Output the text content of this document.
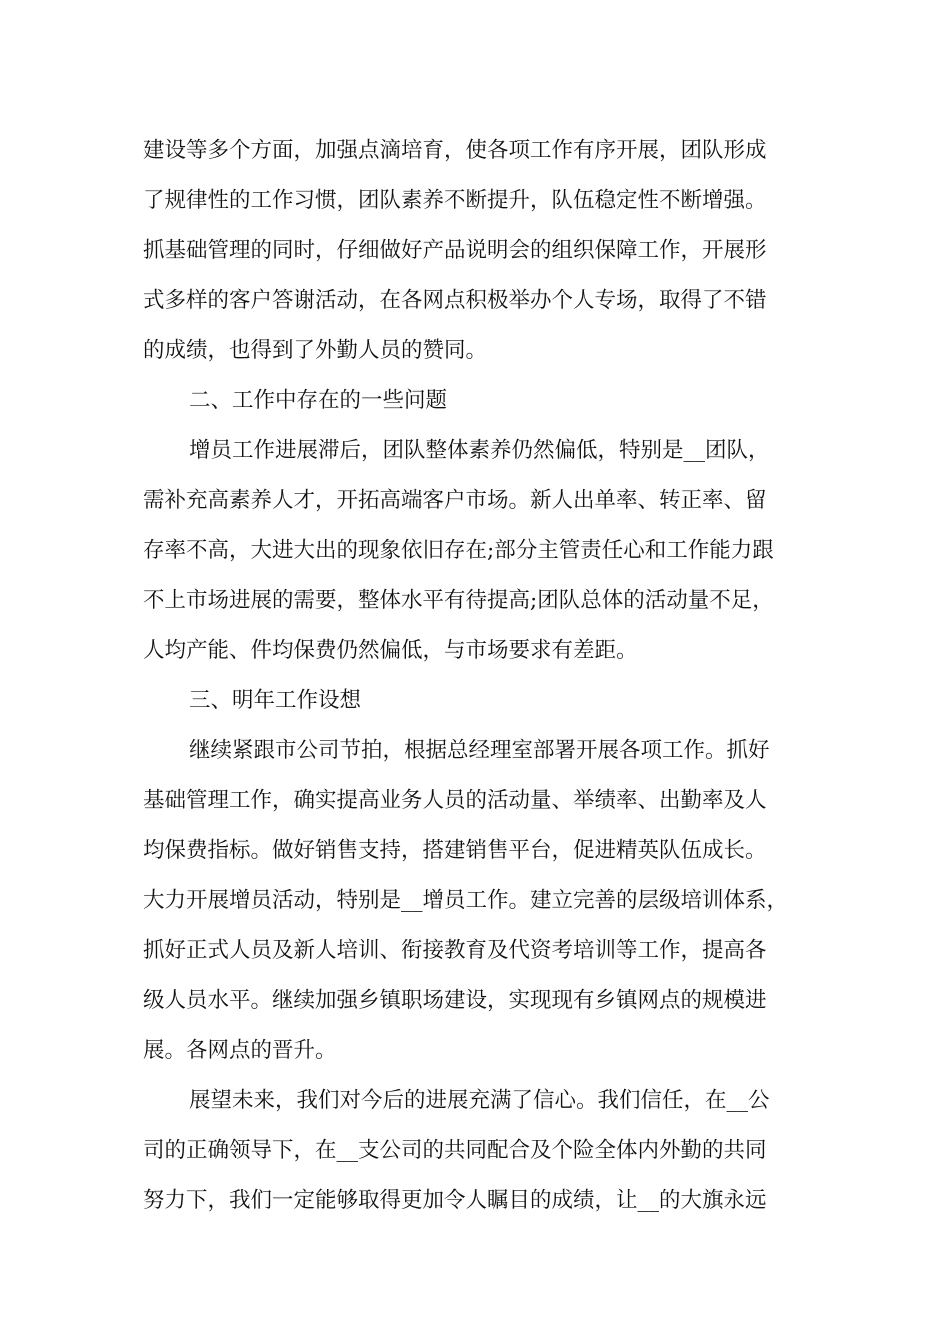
建设等多个方面，加强点滴培育，使各项工作有序开展，团队形成
了规律性的工作习惯，团队素养不断提升，队伍稳定性不断增强。
抓基础管理的同时，仔细做好产品说明会的组织保障工作，开展形
式多样的客户答谢活动，在各网点积极举办个人专场，取得了不错
的成绩，也得到了外勤人员的赞同。
二、工作中存在的一些问题
增员工作进展滞后，团队整体素养仍然偏低，特别是__团队，
需补充高素养人才，开拓高端客户市场。新人出单率、转正率、留
存率不高，大进大出的现象依旧存在;部分主管责任心和工作能力跟
不上市场进展的需要，整体水平有待提高;团队总体的活动量不足，
人均产能、件均保费仍然偏低，与市场要求有差距。
三、明年工作设想
继续紧跟市公司节拍，根据总经理室部署开展各项工作。抓好
基础管理工作，确实提高业务人员的活动量、举绩率、出勤率及人
均保费指标。做好销售支持，搭建销售平台，促进精英队伍成长。
大力开展增员活动，特别是__增员工作。建立完善的层级培训体系，
抓好正式人员及新人培训、衔接教育及代资考培训等工作，提高各
级人员水平。继续加强乡镇职场建设，实现现有乡镇网点的规模进
展。各网点的晋升。
展望未来，我们对今后的进展充满了信心。我们信任，在__公
司的正确领导下，在__支公司的共同配合及个险全体内外勤的共同
努力下，我们一定能够取得更加令人瞩目的成绩，让__的大旗永远
